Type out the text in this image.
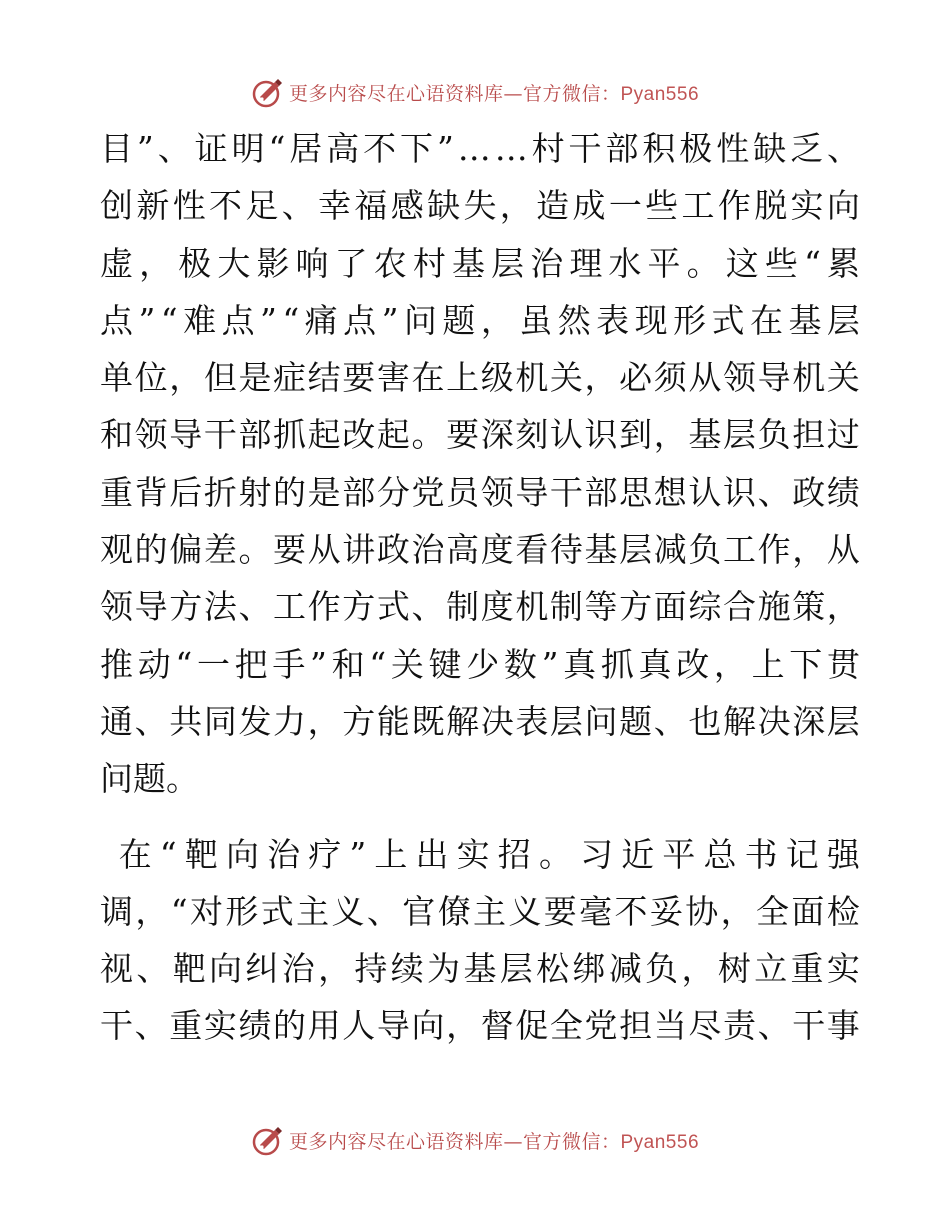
更多内容尽在心语资料库—官方微信：Pyan556
目 ” 、 证 明 “ 居 高 不 下 ” … … 村 干 部 积 极 性 缺 乏 、
创 新 性 不 足 、 幸 福 感 缺 失 ， 造 成 一 些 工 作 脱 实 向
虚 ， 极 大 影 响 了 农 村 基 层 治 理 水 平 。 这 些 “ 累
点 ” “ 难 点 ” “ 痛 点 ” 问 题 ， 虽 然 表 现 形 式 在 基 层
单 位 ， 但 是 症 结 要 害 在 上 级 机 关 ， 必 须 从 领 导 机 关
和 领 导 干 部 抓 起 改 起 。 要 深 刻 认 识 到 ， 基 层 负 担 过
重 背 后 折 射 的 是 部 分 党 员 领 导 干 部 思 想 认 识 、 政 绩
观 的 偏 差 。 要 从 讲 政 治 高 度 看 待 基 层 减 负 工 作 ， 从
领 导 方 法 、 工 作 方 式 、 制 度 机 制 等 方 面 综 合 施 策 ，
推 动 “ 一 把 手 ” 和 “ 关 键 少 数 ” 真 抓 真 改 ， 上 下 贯
通 、 共 同 发 力 ， 方 能 既 解 决 表 层 问 题 、 也 解 决 深 层
问题。

在 “ 靶 向 治 疗 ” 上 出 实 招 。 习 近 平 总 书 记 强
调 ， “ 对 形 式 主 义 、 官 僚 主 义 要 毫 不 妥 协 ， 全 面 检
视 、 靶 向 纠 治 ， 持 续 为 基 层 松 绑 减 负 ， 树 立 重 实
干 、 重 实 绩 的 用 人 导 向 ， 督 促 全 党 担 当 尽 责 、 干 事
更多内容尽在心语资料库—官方微信：Pyan556
